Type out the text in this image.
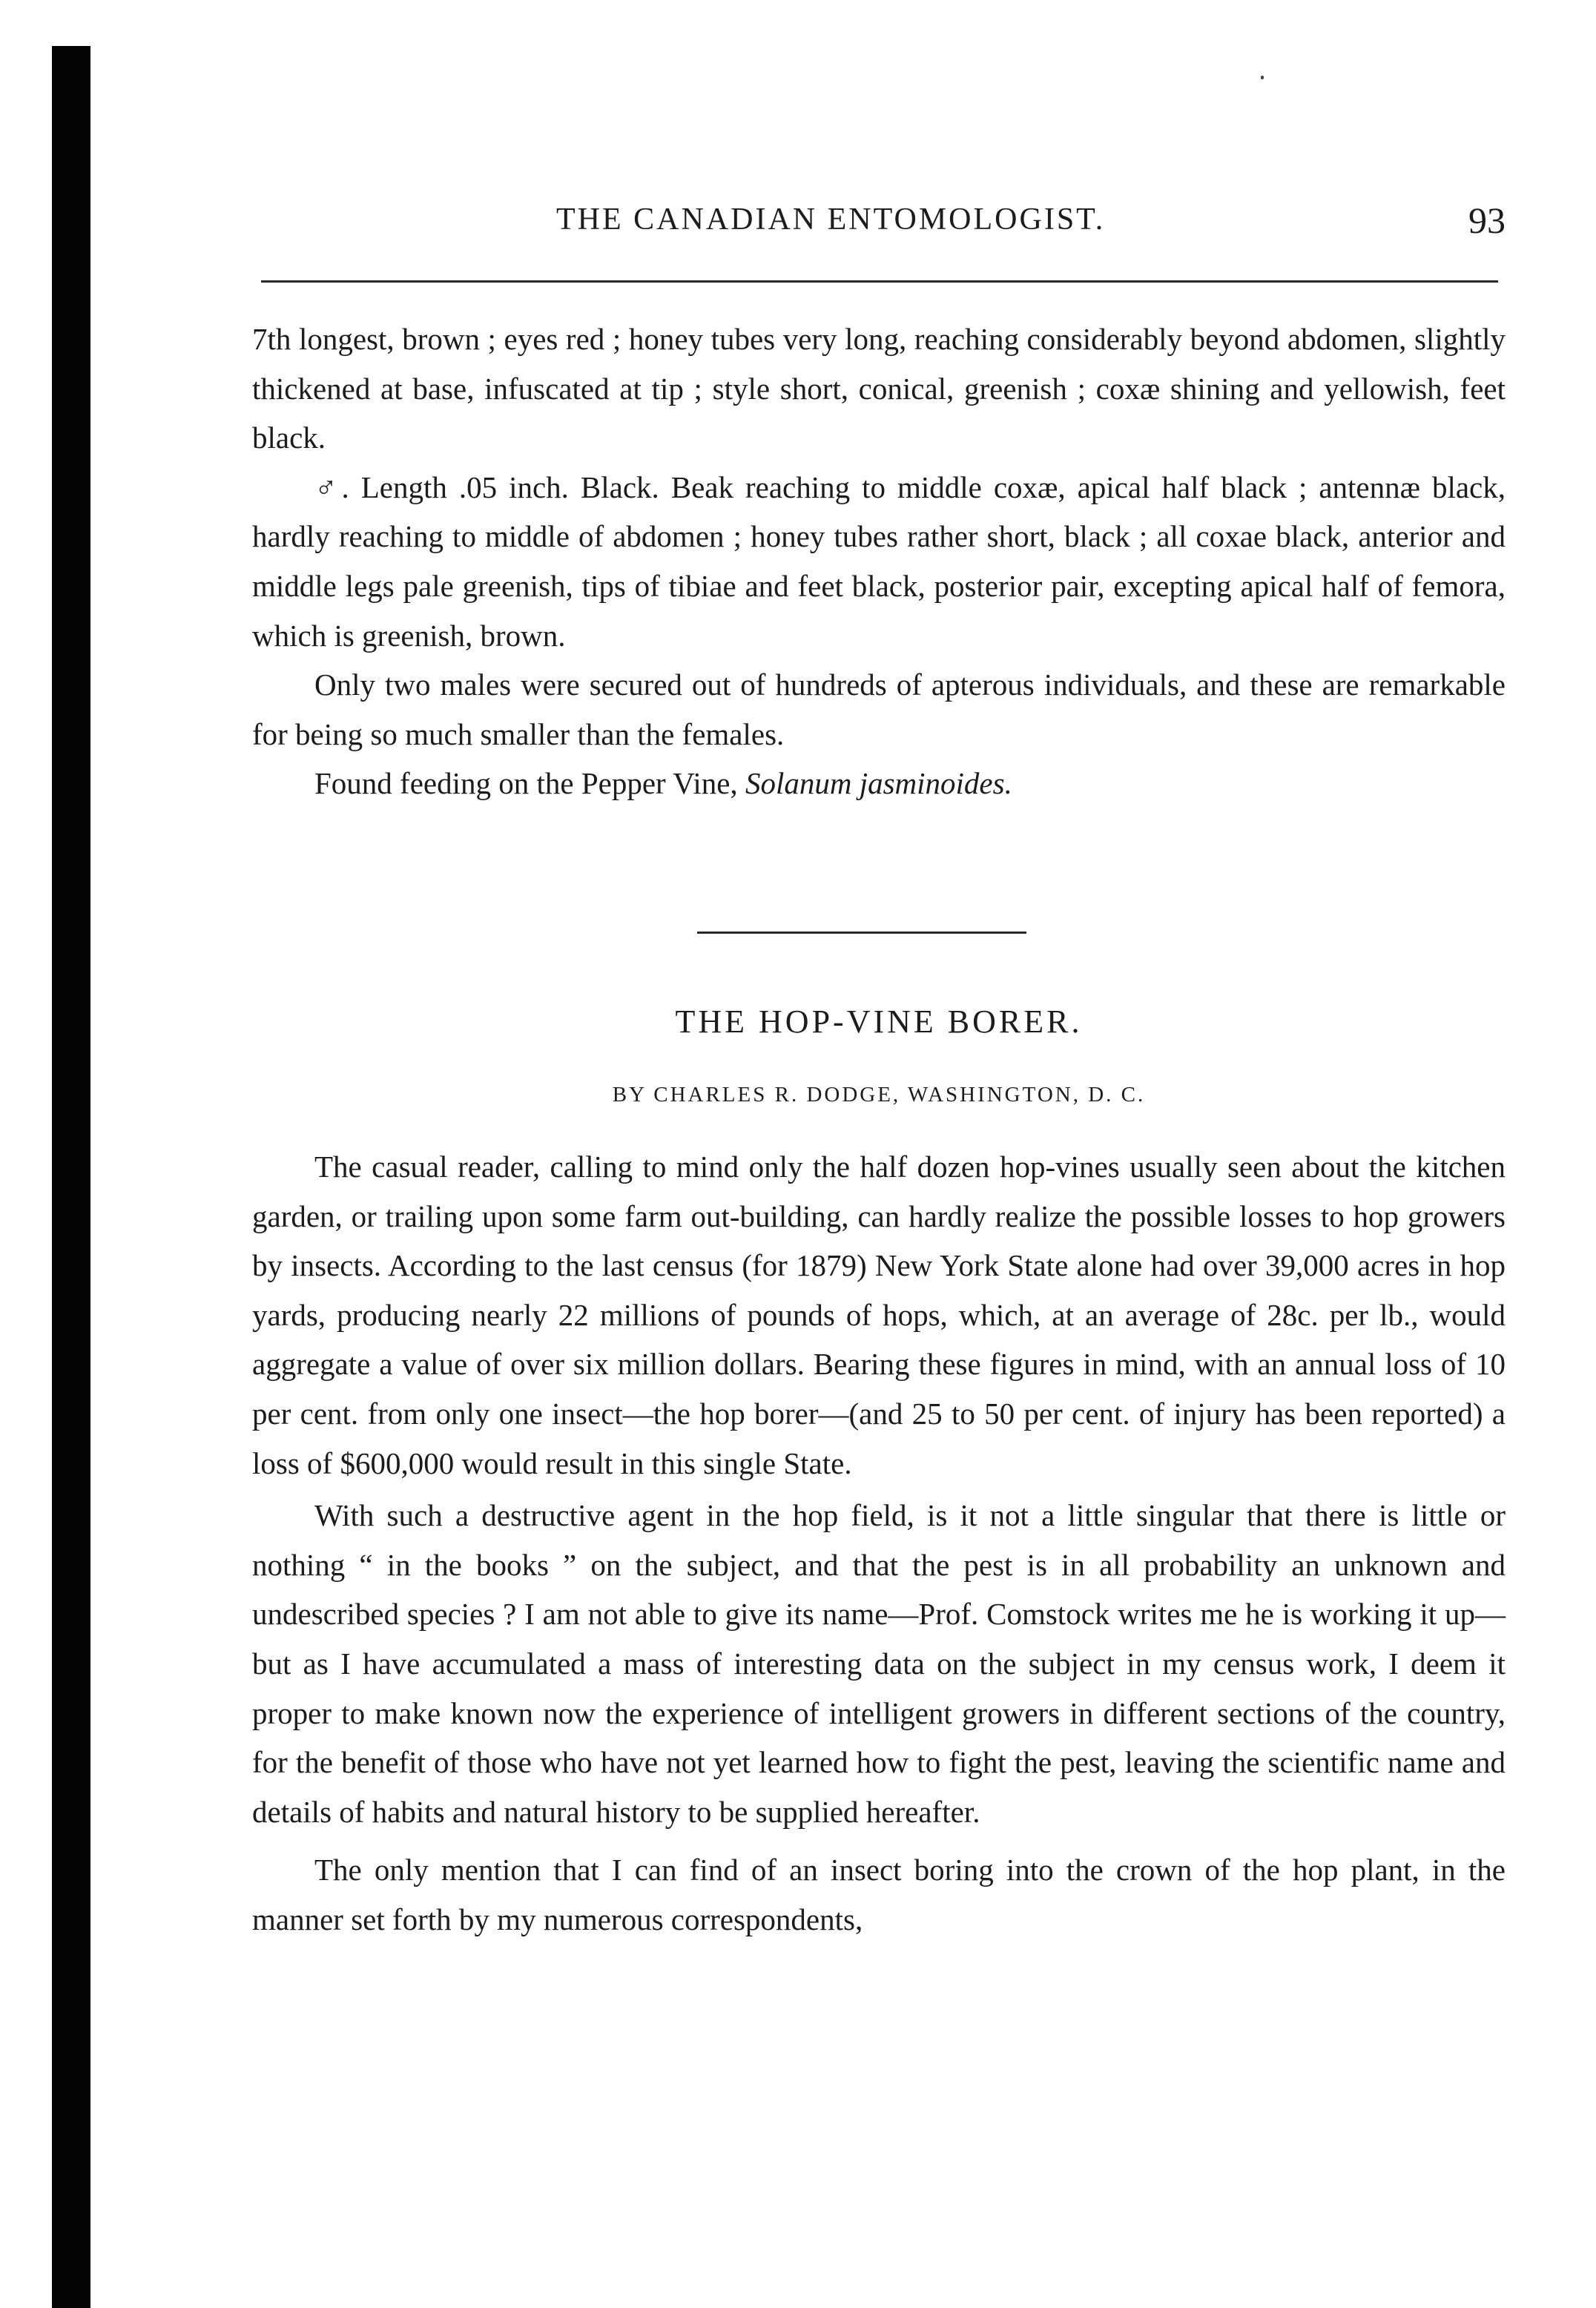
THE CANADIAN ENTOMOLOGIST.	93

7th longest, brown ; eyes red ; honey tubes very long, reaching considerably beyond abdomen, slightly thickened at base, infuscated at tip ; style short, conical, greenish ; coxæ shining and yellowish, feet black.

♂. Length .05 inch. Black. Beak reaching to middle coxæ, apical half black ; antennæ black, hardly reaching to middle of abdomen ; honey tubes rather short, black ; all coxae black, anterior and middle legs pale greenish, tips of tibiae and feet black, posterior pair, excepting apical half of femora, which is greenish, brown.

Only two males were secured out of hundreds of apterous individuals, and these are remarkable for being so much smaller than the females.

Found feeding on the Pepper Vine, Solanum jasminoides.

THE HOP-VINE BORER.
BY CHARLES R. DODGE, WASHINGTON, D. C.

The casual reader, calling to mind only the half dozen hop-vines usually seen about the kitchen garden, or trailing upon some farm out-building, can hardly realize the possible losses to hop growers by insects. According to the last census (for 1879) New York State alone had over 39,000 acres in hop yards, producing nearly 22 millions of pounds of hops, which, at an average of 28c. per lb., would aggregate a value of over six million dollars. Bearing these figures in mind, with an annual loss of 10 per cent. from only one insect—the hop borer—(and 25 to 50 per cent. of injury has been reported) a loss of $600,000 would result in this single State.

With such a destructive agent in the hop field, is it not a little singular that there is little or nothing “ in the books ” on the subject, and that the pest is in all probability an unknown and undescribed species ? I am not able to give its name—Prof. Comstock writes me he is working it up—but as I have accumulated a mass of interesting data on the subject in my census work, I deem it proper to make known now the experience of intelligent growers in different sections of the country, for the benefit of those who have not yet learned how to fight the pest, leaving the scientific name and details of habits and natural history to be supplied hereafter.

The only mention that I can find of an insect boring into the crown of the hop plant, in the manner set forth by my numerous correspondents,
